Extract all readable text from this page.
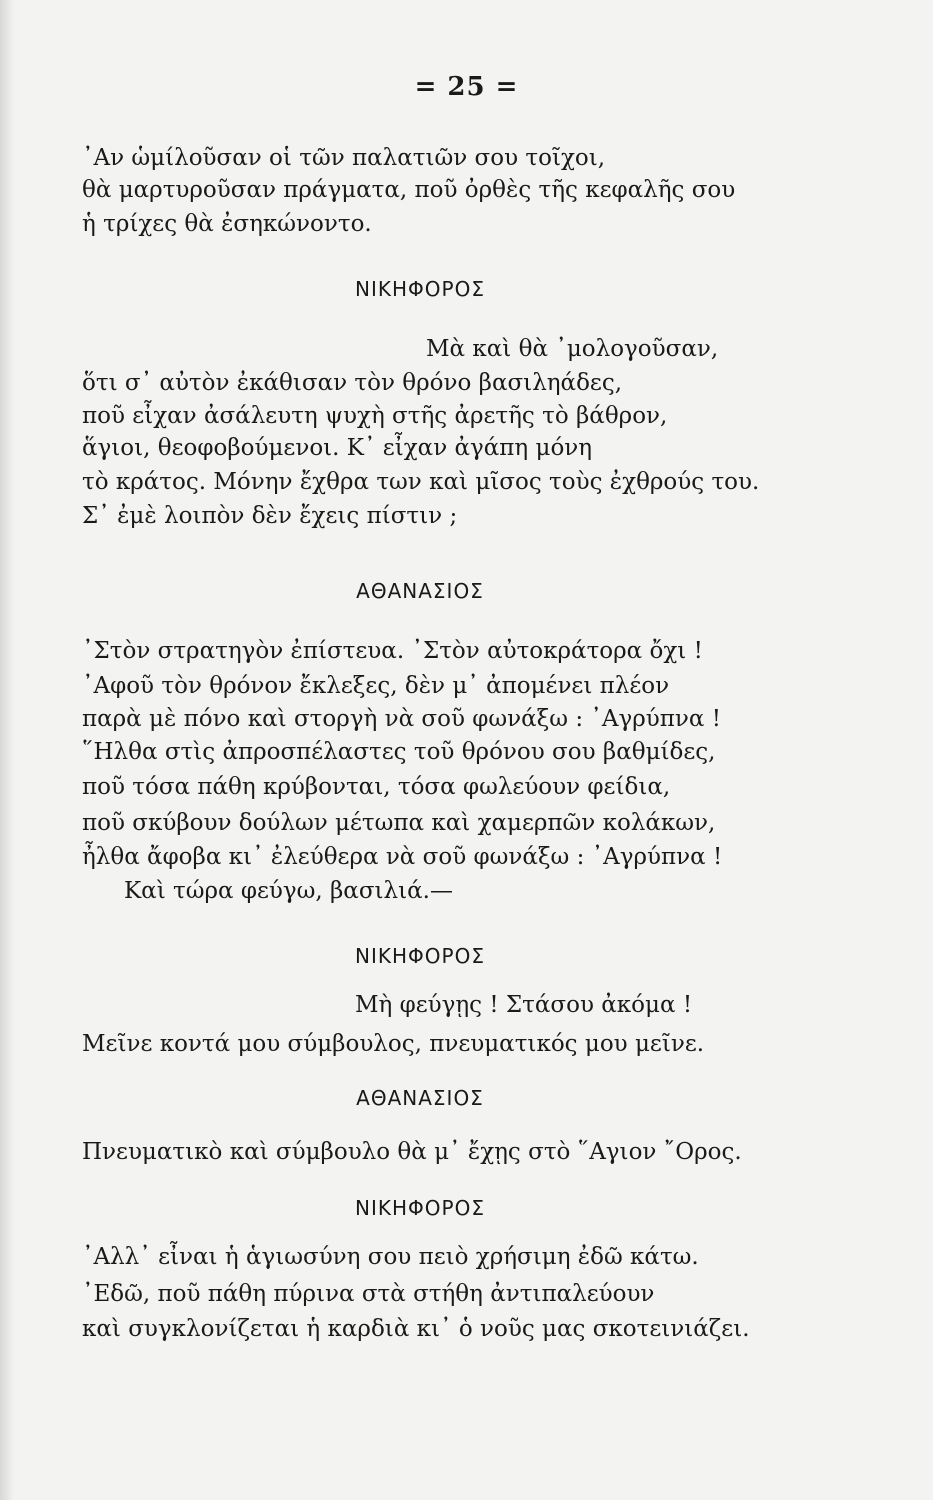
= 25 =
᾿Αν ὡμίλοῦσαν οἱ τῶν παλατιῶν σου τοῖχοι,
θὰ μαρτυροῦσαν πράγματα, ποῦ ὀρθὲς τῆς κεφαλῆς σου
ἡ τρίχες θὰ ἐσηκώνοντο.
ΝΙΚΗΦΟΡΟΣ
Μὰ καὶ θὰ ᾿μολογοῦσαν,
ὅτι σ᾿ αὐτὸν ἐκάθισαν τὸν θρόνο βασιληάδες,
ποῦ εἶχαν ἀσάλευτη ψυχὴ στῆς ἀρετῆς τὸ βάθρον,
ἅγιοι, θεοφοβούμενοι. Κ᾿ εἶχαν ἀγάπη μόνη
τὸ κράτος. Μόνην ἔχθρα των καὶ μῖσος τοὺς ἐχθρούς του.
Σ᾿ ἐμὲ λοιπὸν δὲν ἔχεις πίστιν ;
ΑΘΑΝΑΣΙΟΣ
᾿Στὸν στρατηγὸν ἐπίστευα. ᾿Στὸν αὐτοκράτορα ὄχι !
᾿Αφοῦ τὸν θρόνον ἔκλεξες, δὲν μ᾿ ἀπομένει πλέον
παρὰ μὲ πόνο καὶ στοργὴ νὰ σοῦ φωνάξω : ᾿Αγρύπνα !
῞Ηλθα στὶς ἀπροσπέλαστες τοῦ θρόνου σου βαθμίδες,
ποῦ τόσα πάθη κρύβονται, τόσα φωλεύουν φείδια,
ποῦ σκύβουν δούλων μέτωπα καὶ χαμερπῶν κολάκων,
ἦλθα ἄφοβα κι᾿ ἐλεύθερα νὰ σοῦ φωνάξω : ᾿Αγρύπνα !
Καὶ τώρα φεύγω, βασιλιά.—
ΝΙΚΗΦΟΡΟΣ
Μὴ φεύγῃς ! Στάσου ἀκόμα !
Μεῖνε κοντά μου σύμβουλος, πνευματικός μου μεῖνε.
ΑΘΑΝΑΣΙΟΣ
Πνευματικὸ καὶ σύμβουλο θὰ μ᾿ ἔχῃς στὸ ῞Αγιον ῎Ορος.
ΝΙΚΗΦΟΡΟΣ
᾿Αλλ᾿ εἶναι ἡ ἁγιωσύνη σου πειὸ χρήσιμη ἐδῶ κάτω.
᾿Εδῶ, ποῦ πάθη πύρινα στὰ στήθη ἀντιπαλεύουν
καὶ συγκλονίζεται ἡ καρδιὰ κι᾿ ὁ νοῦς μας σκοτεινιάζει.
